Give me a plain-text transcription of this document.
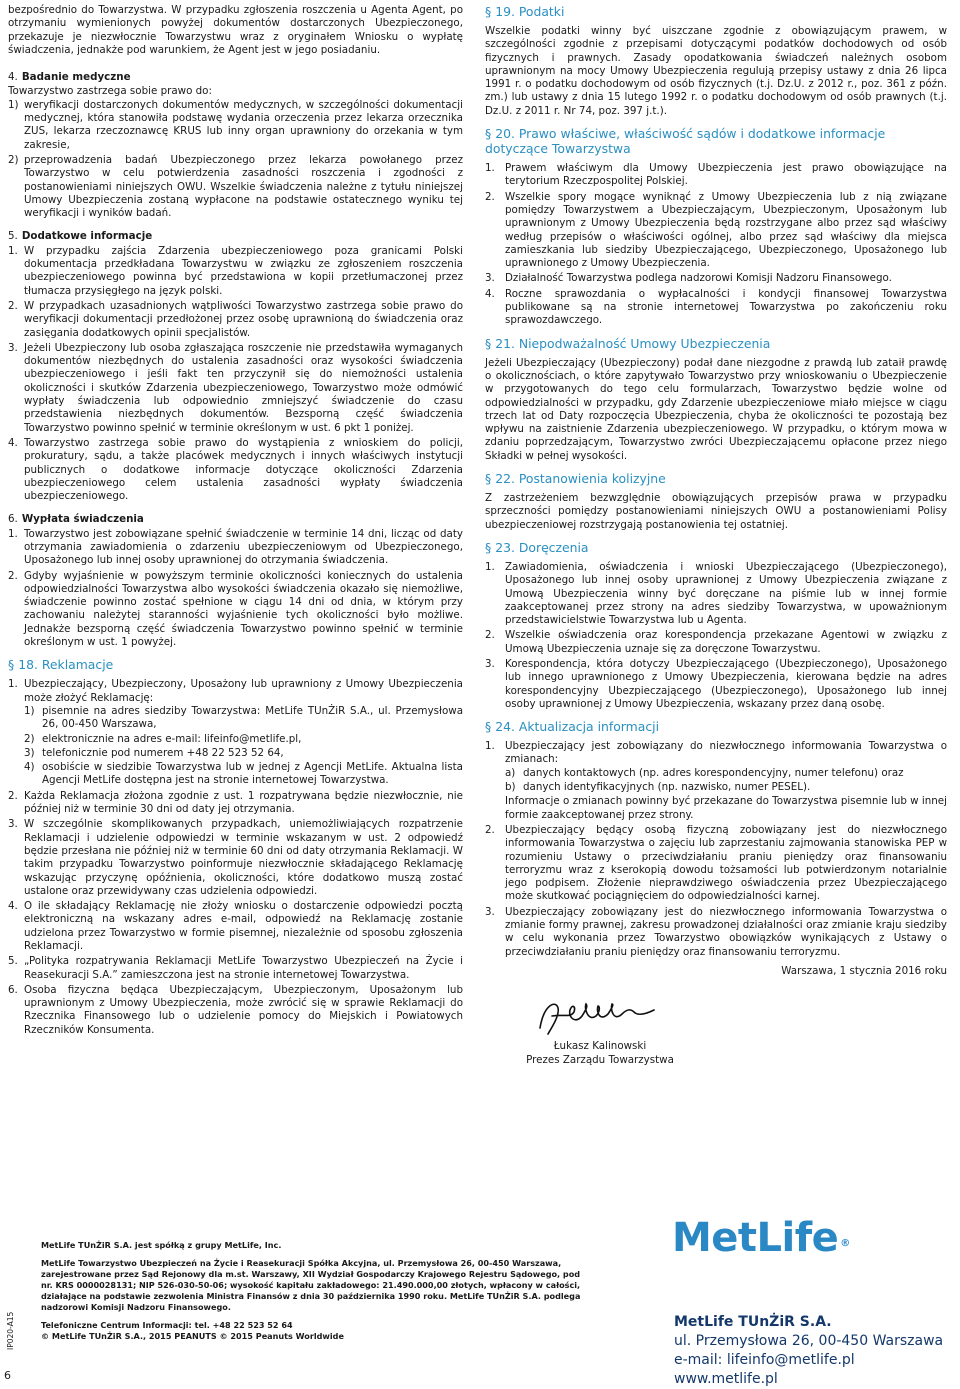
bezpośrednio do Towarzystwa. W przypadku zgłoszenia roszczenia u Agenta Agent, po otrzymaniu wymienionych powyżej dokumentów dostarczonych Ubezpieczonego, przekazuje je niezwłocznie Towarzystwu wraz z oryginałem Wniosku o wypłatę świadczenia, jednakże pod warunkiem, że Agent jest w jego posiadaniu.

4. Badanie medyczne

Towarzystwo zastrzega sobie prawo do:

1) weryfikacji dostarczonych dokumentów medycznych, w szczególności dokumentacji medycznej, która stanowiła podstawę wydania orzeczenia przez lekarza orzecznika ZUS, lekarza rzeczoznawcę KRUS lub inny organ uprawniony do orzekania w tym zakresie,
2) przeprowadzenia badań Ubezpieczonego przez lekarza powołanego przez Towarzystwo w celu potwierdzenia zasadności roszczenia i zgodności z postanowieniami niniejszych OWU. Wszelkie świadczenia należne z tytułu niniejszej Umowy Ubezpieczenia zostaną wypłacone na podstawie ostatecznego wyniku tej weryfikacji i wyników badań.
5. Dodatkowe informacje
1. W przypadku zajścia Zdarzenia ubezpieczeniowego poza granicami Polski dokumentacja przedkładana Towarzystwu w związku ze zgłoszeniem roszczenia ubezpieczeniowego powinna być przedstawiona w kopii przetłumaczonej przez tłumacza przysięgłego na język polski.
2. W przypadkach uzasadnionych wątpliwości Towarzystwo zastrzega sobie prawo do weryfikacji dokumentacji przedłożonej przez osobę uprawnioną do świadczenia oraz zasięgania dodatkowych opinii specjalistów.
3. Jeżeli Ubezpieczony lub osoba zgłaszająca roszczenie nie przedstawiła wymaganych dokumentów niezbędnych do ustalenia zasadności oraz wysokości świadczenia ubezpieczeniowego i jeśli fakt ten przyczynił się do niemożności ustalenia okoliczności i skutków Zdarzenia ubezpieczeniowego, Towarzystwo może odmówić wypłaty świadczenia lub odpowiednio zmniejszyć świadczenie do czasu przedstawienia niezbędnych dokumentów. Bezsporną część świadczenia Towarzystwo powinno spełnić w terminie określonym w ust. 6 pkt 1 poniżej.
4. Towarzystwo zastrzega sobie prawo do wystąpienia z wnioskiem do policji, prokuratury, sądu, a także placówek medycznych i innych właściwych instytucji publicznych o dodatkowe informacje dotyczące okoliczności Zdarzenia ubezpieczeniowego celem ustalenia zasadności wypłaty świadczenia ubezpieczeniowego.
6. Wypłata świadczenia
1. Towarzystwo jest zobowiązane spełnić świadczenie w terminie 14 dni, licząc od daty otrzymania zawiadomienia o zdarzeniu ubezpieczeniowym od Ubezpieczonego, Uposażonego lub innej osoby uprawnionej do otrzymania świadczenia.
2. Gdyby wyjaśnienie w powyższym terminie okoliczności koniecznych do ustalenia odpowiedzialności Towarzystwa albo wysokości świadczenia okazało się niemożliwe, świadczenie powinno zostać spełnione w ciągu 14 dni od dnia, w którym przy zachowaniu należytej staranności wyjaśnienie tych okoliczności było możliwe. Jednakże bezsporną część świadczenia Towarzystwo powinno spełnić w terminie określonym w ust. 1 powyżej.
§ 18. Reklamacje
1. Ubezpieczający, Ubezpieczony, Uposażony lub uprawniony z Umowy Ubezpieczenia może złożyć Reklamację:
1) pisemnie na adres siedziby Towarzystwa: MetLife TUnŻiR S.A., ul. Przemysłowa 26, 00-450 Warszawa,
2) elektronicznie na adres e-mail: lifeinfo@metlife.pl,
3) telefonicznie pod numerem +48 22 523 52 64,
4) osobiście w siedzibie Towarzystwa lub w jednej z Agencji MetLife. Aktualna lista Agencji MetLife dostępna jest na stronie internetowej Towarzystwa.
2. Każda Reklamacja złożona zgodnie z ust. 1 rozpatrywana będzie niezwłocznie, nie później niż w terminie 30 dni od daty jej otrzymania.
3. W szczególnie skomplikowanych przypadkach, uniemożliwiających rozpatrzenie Reklamacji i udzielenie odpowiedzi w terminie wskazanym w ust. 2 odpowiedź będzie przesłana nie później niż w terminie 60 dni od daty otrzymania Reklamacji. W takim przypadku Towarzystwo poinformuje niezwłocznie składającego Reklamację wskazując przyczynę opóźnienia, okoliczności, które dodatkowo muszą zostać ustalone oraz przewidywany czas udzielenia odpowiedzi.
4. O ile składający Reklamację nie złoży wniosku o dostarczenie odpowiedzi pocztą elektroniczną na wskazany adres e-mail, odpowiedź na Reklamację zostanie udzielona przez Towarzystwo w formie pisemnej, niezależnie od sposobu zgłoszenia Reklamacji.
5. „Polityka rozpatrywania Reklamacji MetLife Towarzystwo Ubezpieczeń na Życie i Reasekuracji S.A.” zamieszczona jest na stronie internetowej Towarzystwa.
6. Osoba fizyczna będąca Ubezpieczającym, Ubezpieczonym, Uposażonym lub uprawnionym z Umowy Ubezpieczenia, może zwrócić się w sprawie Reklamacji do Rzecznika Finansowego lub o udzielenie pomocy do Miejskich i Powiatowych Rzeczników Konsumenta.
§ 19. Podatki

Wszelkie podatki winny być uiszczane zgodnie z obowiązującym prawem, w szczególności zgodnie z przepisami dotyczącymi podatków dochodowych od osób fizycznych i prawnych. Zasady opodatkowania świadczeń należnych osobom uprawnionym na mocy Umowy Ubezpieczenia regulują przepisy ustawy z dnia 26 lipca 1991 r. o podatku dochodowym od osób fizycznych (t.j. Dz.U. z 2012 r., poz. 361 z późn. zm.) lub ustawy z dnia 15 lutego 1992 r. o podatku dochodowym od osób prawnych (t.j. Dz.U. z 2011 r. Nr 74, poz. 397 j.t.).

§ 20. Prawo właściwe, właściwość sądów i dodatkowe informacje dotyczące Towarzystwa
1. Prawem właściwym dla Umowy Ubezpieczenia jest prawo obowiązujące na terytorium Rzeczpospolitej Polskiej.
2. Wszelkie spory mogące wyniknąć z Umowy Ubezpieczenia lub z nią związane pomiędzy Towarzystwem a Ubezpieczającym, Ubezpieczonym, Uposażonym lub uprawnionym z Umowy Ubezpieczenia będą rozstrzygane albo przez sąd właściwy według przepisów o właściwości ogólnej, albo przez sąd właściwy dla miejsca zamieszkania lub siedziby Ubezpieczającego, Ubezpieczonego, Uposażonego lub uprawnionego z Umowy Ubezpieczenia.
3. Działalność Towarzystwa podlega nadzorowi Komisji Nadzoru Finansowego.
4. Roczne sprawozdania o wypłacalności i kondycji finansowej Towarzystwa publikowane są na stronie internetowej Towarzystwa po zakończeniu roku sprawozdawczego.
§ 21. Niepodważalność Umowy Ubezpieczenia

Jeżeli Ubezpieczający (Ubezpieczony) podał dane niezgodne z prawdą lub zataił prawdę o okolicznościach, o które zapytywało Towarzystwo przy wnioskowaniu o Ubezpieczenie w przygotowanych do tego celu formularzach, Towarzystwo będzie wolne od odpowiedzialności w przypadku, gdy Zdarzenie ubezpieczeniowe miało miejsce w ciągu trzech lat od Daty rozpoczęcia Ubezpieczenia, chyba że okoliczności te pozostają bez wpływu na zaistnienie Zdarzenia ubezpieczeniowego. W przypadku, o którym mowa w zdaniu poprzedzającym, Towarzystwo zwróci Ubezpieczającemu opłacone przez niego Składki w pełnej wysokości.

§ 22. Postanowienia kolizyjne

Z zastrzeżeniem bezwzględnie obowiązujących przepisów prawa w przypadku sprzeczności pomiędzy postanowieniami niniejszych OWU a postanowieniami Polisy ubezpieczeniowej rozstrzygają postanowienia tej ostatniej.

§ 23. Doręczenia
1. Zawiadomienia, oświadczenia i wnioski Ubezpieczającego (Ubezpieczonego), Uposażonego lub innej osoby uprawnionej z Umowy Ubezpieczenia związane z Umową Ubezpieczenia winny być doręczane na piśmie lub w innej formie zaakceptowanej przez strony na adres siedziby Towarzystwa, w upoważnionym przedstawicielstwie Towarzystwa lub u Agenta.
2. Wszelkie oświadczenia oraz korespondencja przekazane Agentowi w związku z Umową Ubezpieczenia uznaje się za doręczone Towarzystwu.
3. Korespondencja, która dotyczy Ubezpieczającego (Ubezpieczonego), Uposażonego lub innego uprawnionego z Umowy Ubezpieczenia, kierowana będzie na adres korespondencyjny Ubezpieczającego (Ubezpieczonego), Uposażonego lub innej osoby uprawnionej z Umowy Ubezpieczenia, wskazany przez daną osobę.
§ 24. Aktualizacja informacji
1. Ubezpieczający jest zobowiązany do niezwłocznego informowania Towarzystwa o zmianach:
a) danych kontaktowych (np. adres korespondencyjny, numer telefonu) oraz
b) danych identyfikacyjnych (np. nazwisko, numer PESEL).
Informacje o zmianach powinny być przekazane do Towarzystwa pisemnie lub w innej formie zaakceptowanej przez strony.
2. Ubezpieczający będący osobą fizyczną zobowiązany jest do niezwłocznego informowania Towarzystwa o zajęciu lub zaprzestaniu zajmowania stanowiska PEP w rozumieniu Ustawy o przeciwdziałaniu praniu pieniędzy oraz finansowaniu terroryzmu wraz z kserokopią dowodu tożsamości lub potwierdzonym notarialnie jego podpisem. Złożenie nieprawdziwego oświadczenia przez Ubezpieczającego może skutkować pociągnięciem do odpowiedzialności karnej.
3. Ubezpieczający zobowiązany jest do niezwłocznego informowania Towarzystwa o zmianie formy prawnej, zakresu prowadzonej działalności oraz zmianie kraju siedziby w celu wykonania przez Towarzystwo obowiązków wynikających z Ustawy o przeciwdziałaniu praniu pieniędzy oraz finansowaniu terroryzmu.

Warszawa, 1 stycznia 2016 roku

Łukasz Kalinowski
Prezes Zarządu Towarzystwa
IP020-A15
6

MetLife TUnŻiR S.A. jest spółką z grupy MetLife, Inc.

MetLife Towarzystwo Ubezpieczeń na Życie i Reasekuracji Spółka Akcyjna, ul. Przemysłowa 26, 00-450 Warszawa, zarejestrowane przez Sąd Rejonowy dla m.st. Warszawy, XII Wydział Gospodarczy Krajowego Rejestru Sądowego, pod nr. KRS 0000028131; NIP 526-030-50-06; wysokość kapitału zakładowego: 21.490.000,00 złotych, wpłacony w całości, działające na podstawie zezwolenia Ministra Finansów z dnia 30 października 1990 roku. MetLife TUnŻiR S.A. podlega nadzorowi Komisji Nadzoru Finansowego.

Telefoniczne Centrum Informacji: tel. +48 22 523 52 64

© MetLife TUnŻiR S.A., 2015 PEANUTS © 2015 Peanuts Worldwide

MetLife ®
MetLife TUnŻiR S.A.
ul. Przemysłowa 26, 00-450 Warszawa
e-mail: lifeinfo@metlife.pl
www.metlife.pl
